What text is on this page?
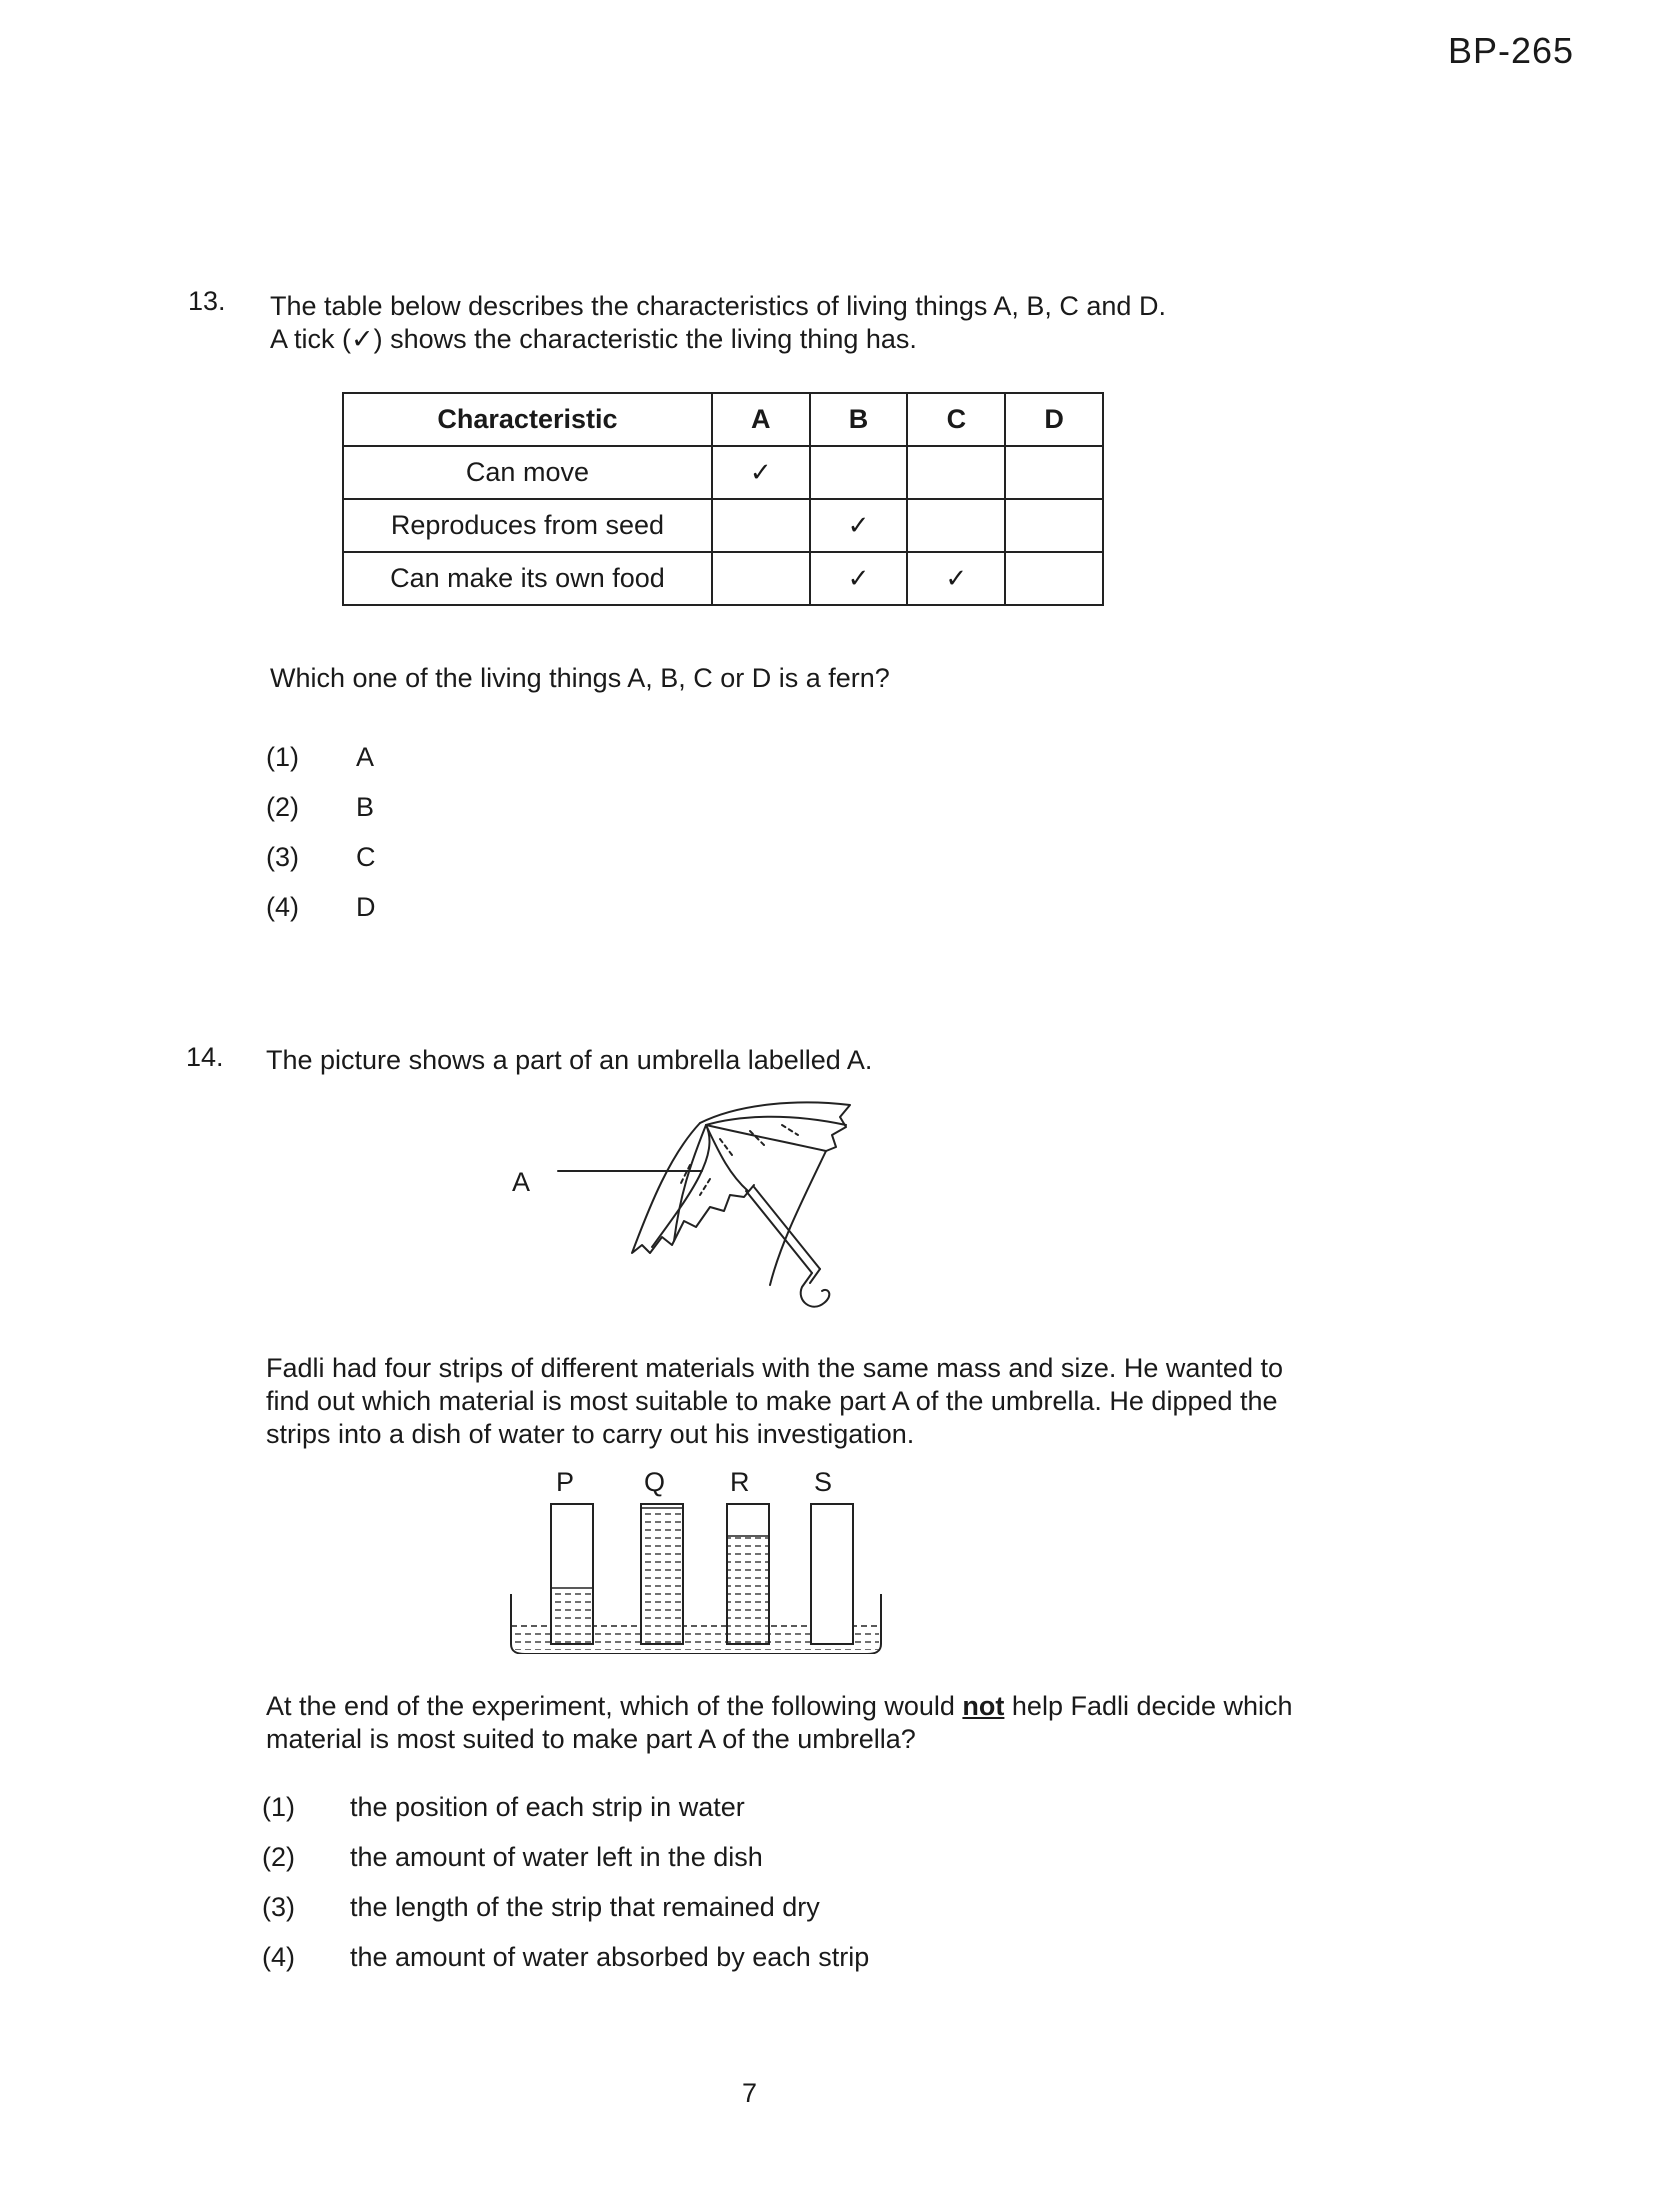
BP-265
13. The table below describes the characteristics of living things A, B, C and D.
A tick (✓) shows the characteristic the living thing has.
Characteristic	A	B	C	D
Can move	✓			
Reproduces from seed		✓		
Can make its own food		✓	✓	
Which one of the living things A, B, C or D is a fern?
(1) A
(2) B
(3) C
(4) D
14. The picture shows a part of an umbrella labelled A.
A
Fadli had four strips of different materials with the same mass and size. He wanted to
find out which material is most suitable to make part A of the umbrella. He dipped the
strips into a dish of water to carry out his investigation.
P	Q R S
At the end of the experiment, which of the following would not help Fadli decide which
material is most suited to make part A of the umbrella?
(1) the position of each strip in water
(2) the amount of water left in the dish
(3) the length of the strip that remained dry
(4) the amount of water absorbed by each strip
7
